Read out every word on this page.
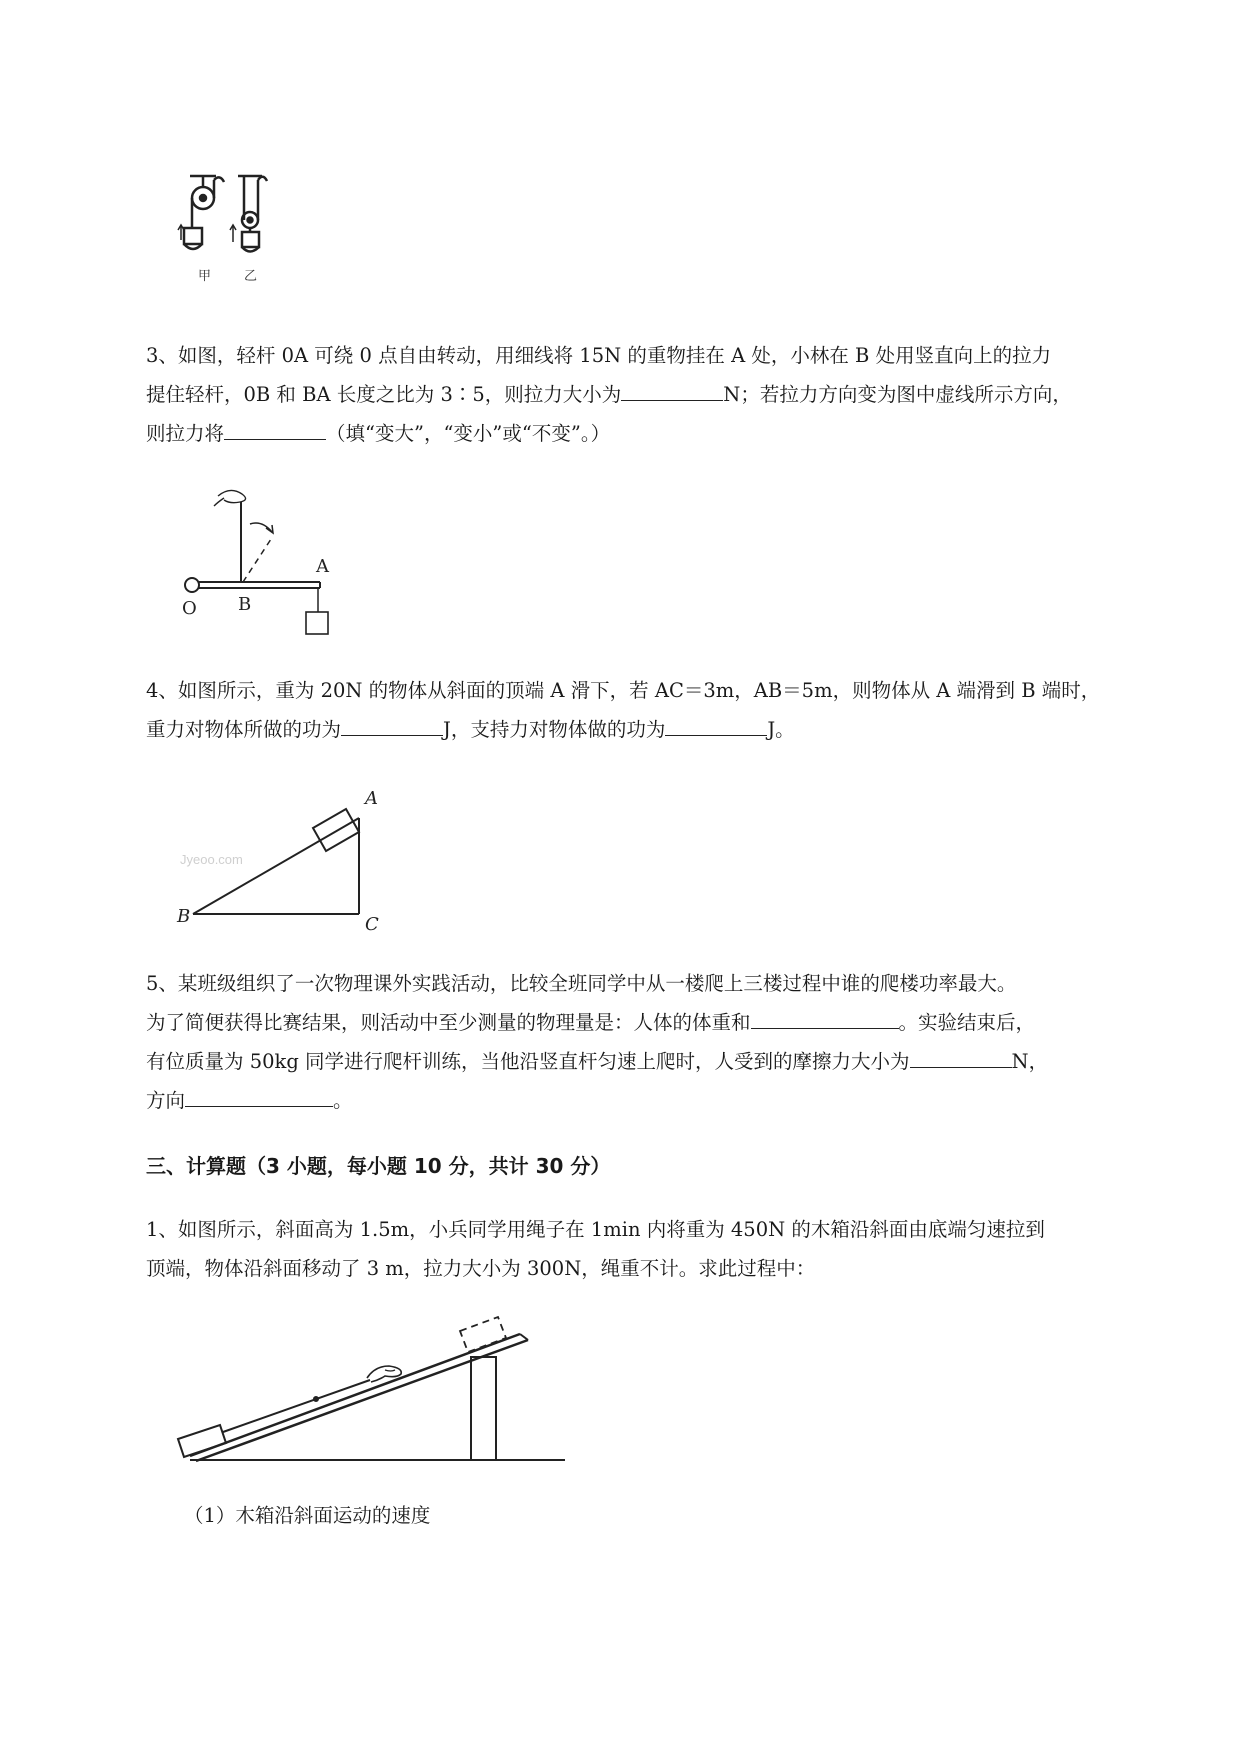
甲	乙

3、如图，轻杆 0A 可绕 0 点自由转动，用细线将 15N 的重物挂在 A 处，小林在 B 处用竖直向上的拉力

提住轻杆，0B 和 BA 长度之比为 3∶5，则拉力大小为	N；若拉力方向变为图中虚线所示方向，

则拉力将	（填“变大”，“变小”或“不变”。）

O B
A

4、如图所示，重为 20N 的物体从斜面的顶端 A 滑下，若 AC＝3m，AB＝5m，则物体从 A 端滑到 B 端时，

重力对物体所做的功为	J，支持力对物体做的功为	J。

Jyeoo.com
A
B	C

5、某班级组织了一次物理课外实践活动，比较全班同学中从一楼爬上三楼过程中谁的爬楼功率最大。

为了简便获得比赛结果，则活动中至少测量的物理量是：人体的体重和	。实验结束后，

有位质量为 50kg 同学进行爬杆训练，当他沿竖直杆匀速上爬时，人受到的摩擦力大小为	N，

方向	。

三、计算题（3 小题，每小题 10 分，共计 30 分）

1、如图所示，斜面高为 1.5m，小兵同学用绳子在 1min 内将重为 450N 的木箱沿斜面由底端匀速拉到

顶端，物体沿斜面移动了 3 m，拉力大小为 300N，绳重不计。求此过程中：

（1）木箱沿斜面运动的速度
